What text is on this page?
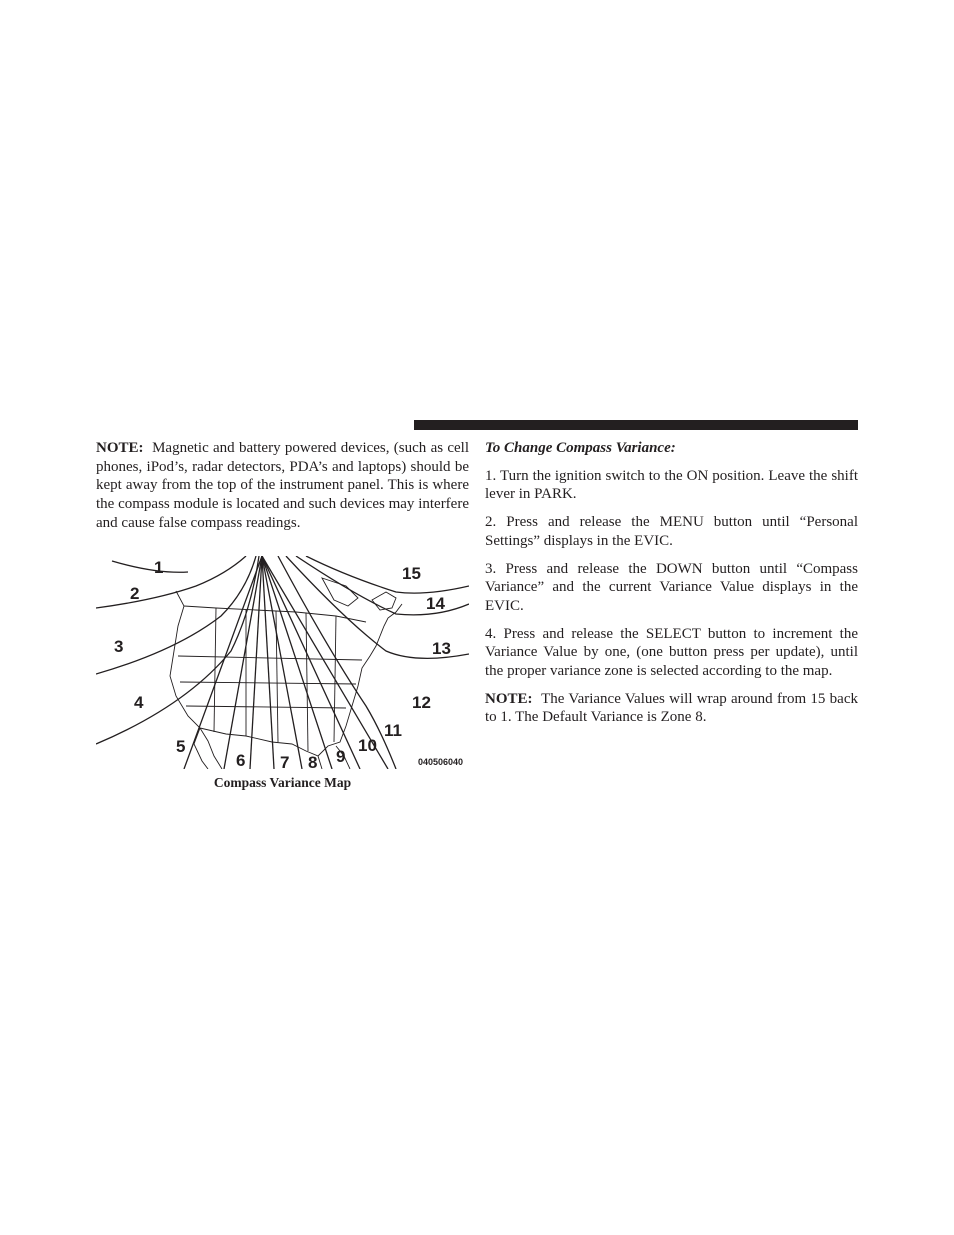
NOTE: Magnetic and battery powered devices, (such as cell phones, iPod’s, radar detectors, PDA’s and laptops) should be kept away from the top of the instrument panel. This is where the compass module is located and such devices may interfere and cause false compass readings.

1
2
3
4
5
6 7 8 9
10
11
12
13
14
15
040506040
Compass Variance Map

To Change Compass Variance:

1. Turn the ignition switch to the ON position. Leave the shift lever in PARK.

2. Press and release the MENU button until “Personal Settings” displays in the EVIC.

3. Press and release the DOWN button until “Compass Variance” and the current Variance Value displays in the EVIC.

4. Press and release the SELECT button to increment the Variance Value by one, (one button press per update), until the proper variance zone is selected according to the map.

NOTE: The Variance Values will wrap around from 15 back to 1. The Default Variance is Zone 8.
